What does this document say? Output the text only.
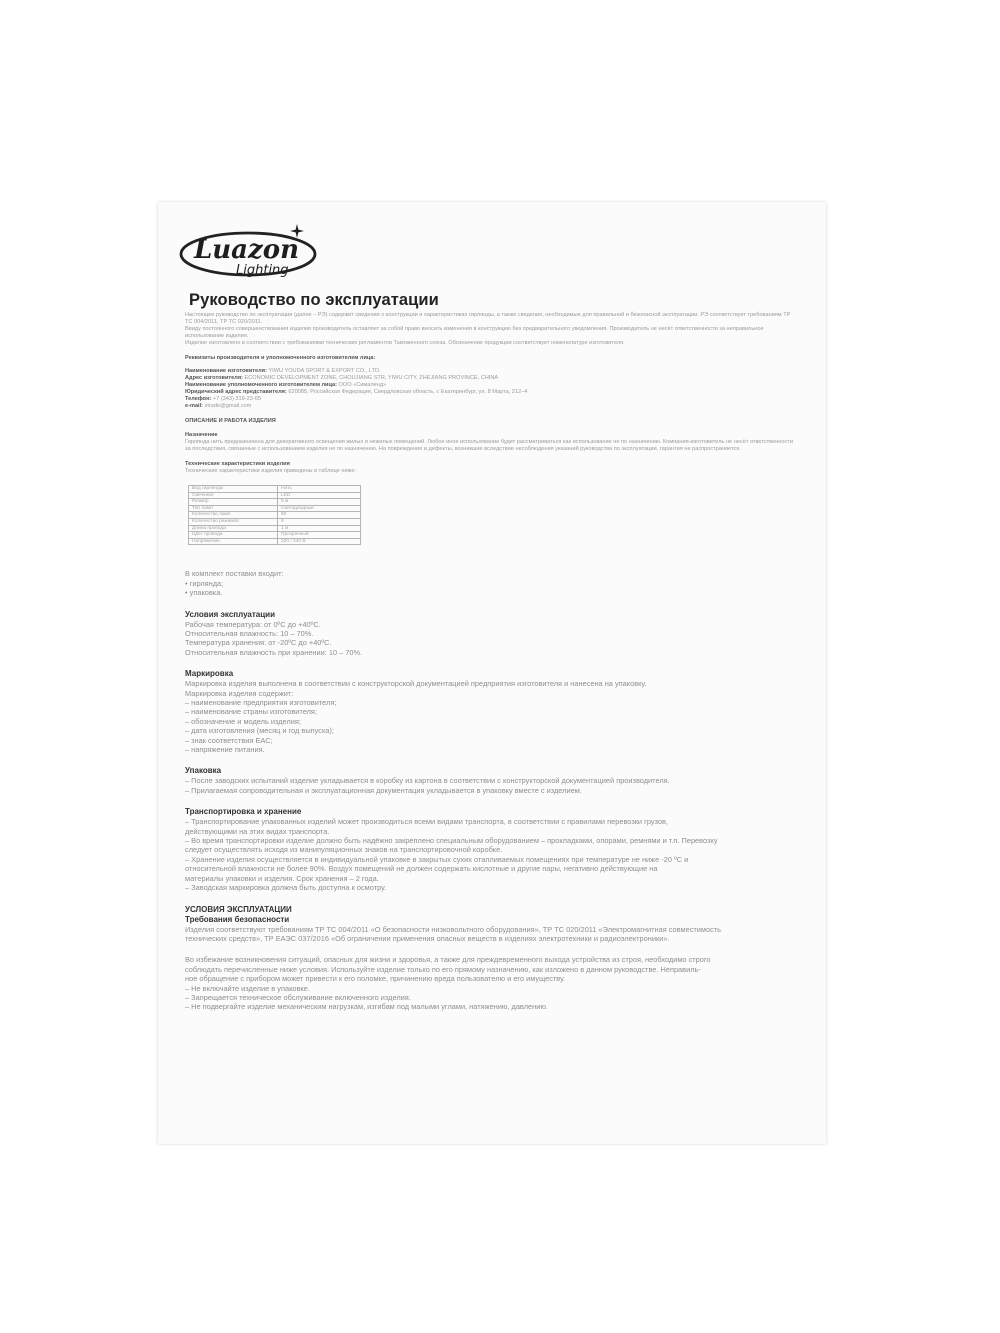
Luazon
Lighting
Руководство по эксплуатации

Настоящее руководство по эксплуатации (далее – РЭ) содержит сведения о конструкции и характеристиках гирлянды, а также сведения, необходимые для правильной и безопасной эксплуатации. РЭ соответствует требованиям ТР ТС 004/2011, ТР ТС 020/2011.

Ввиду постоянного совершенствования изделия производитель оставляет за собой право вносить изменения в конструкцию без предварительного уведомления. Производитель не несёт ответственности за неправильное использование изделия.

Изделие изготовлено в соответствии с требованиями технических регламентов Таможенного союза. Обозначение продукции соответствует номенклатуре изготовителя.

Реквизиты производителя и уполномоченного изготовителем лица:

Наименование изготовителя: YIWU YOUDA SPORT & EXPORT CO., LTD.

Адрес изготовителя: ECONOMIC DEVELOPMENT ZONE, CHOUJIANG STR, YIWU CITY, ZHEJIANG PROVINCE, CHINA

Наименование уполномоченного изготовителем лица: ООО «Сималенд»

Юридический адрес представителя: 620085, Российская Федерация, Свердловская область, г. Екатеринбург, ул. 8 Марта, 212–4

Телефон: +7 (343) 319-23-65

e-mail: strade@gmail.com

ОПИСАНИЕ И РАБОТА ИЗДЕЛИЯ

Назначение

Гирлянда нить предназначена для декоративного освещения жилых и нежилых помещений. Любое иное использование будет рассматриваться как использование не по назначению. Компания-изготовитель не несёт ответственности за последствия, связанные с использованием изделия не по назначению. На повреждения и дефекты, возникшие вследствие несоблюдения указаний руководства по эксплуатации, гарантия не распространяется.

Технические характеристики изделия

Технические характеристики изделия приведены в таблице ниже:

Вид гирлянды	Нить
Свечение	LED
Размер	5 м
Тип ламп	Светодиодные
Количество ламп	50
Количество режимов	8
Длина провода	1 м
Цвет провода	Прозрачный
Напряжение	220 / 240 В

В комплект поставки входит:

• гирлянда;

• упаковка.

Условия эксплуатации

Рабочая температура: от 0ºС до +40ºС.

Относительная влажность: 10 – 70%.

Температура хранения: от -20ºС до +40ºС.

Относительная влажность при хранении: 10 – 70%.

Маркировка

Маркировка изделия выполнена в соответствии с конструкторской документацией предприятия изготовителя и нанесена на упаковку.

Маркировка изделия содержит:

– наименование предприятия изготовителя;

– наименование страны изготовителя;

– обозначение и модель изделия;

– дата изготовления (месяц и год выпуска);

– знак соответствия EAC;

– напряжение питания.

Упаковка

– После заводских испытаний изделие укладывается в коробку из картона в соответствии с конструкторской документацией производителя.

– Прилагаемая сопроводительная и эксплуатационная документация укладывается в упаковку вместе с изделием.

Транспортировка и хранение

– Транспортирование упакованных изделий может производиться всеми видами транспорта, в соответствии с правилами перевозки грузов,

действующими на этих видах транспорта.

– Во время транспортировки изделие должно быть надёжно закреплено специальным оборудованием – прокладками, опорами, ремнями и т.п. Перевозку

следует осуществлять исходя из манипуляционных знаков на транспортировочной коробке.

– Хранение изделия осуществляется в индивидуальной упаковке в закрытых сухих отапливаемых помещениях при температуре не ниже -20 ºС и

относительной влажности не более 90%. Воздух помещений не должен содержать кислотные и другие пары, негативно действующие на

материалы упаковки и изделия. Срок хранения – 2 года.

– Заводская маркировка должна быть доступна к осмотру.

УСЛОВИЯ ЭКСПЛУАТАЦИИ

Требования безопасности

Изделия соответствуют требованиям ТР ТС 004/2011 «О безопасности низковольтного оборудования», ТР ТС 020/2011 «Электромагнитная совместимость

технических средств», ТР ЕАЭС 037/2016 «Об ограничении применения опасных веществ в изделиях электротехники и радиоэлектроники».

Во избежание возникновения ситуаций, опасных для жизни и здоровья, а также для преждевременного выхода устройства из строя, необходимо строго

соблюдать перечисленные ниже условия. Используйте изделие только по его прямому назначению, как изложено в данном руководстве. Неправиль-

ное обращение с прибором может привести к его поломке, причинению вреда пользователю и его имуществу.

– Не включайте изделие в упаковке.

– Запрещается техническое обслуживание включенного изделия.

– Не подвергайте изделие механическим нагрузкам, изгибам под малыми углами, натяжению, давлению.
